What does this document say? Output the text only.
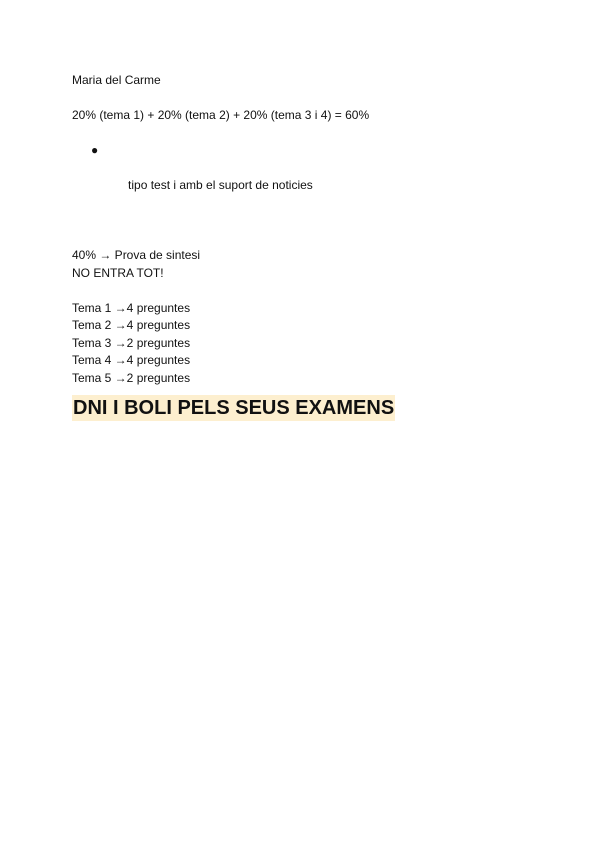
Maria del Carme
20% (tema 1) + 20% (tema 2) + 20% (tema 3 i 4) = 60%

●

tipo test i amb el suport de noticies

40% → Prova de sintesi
NO ENTRA TOT!
Tema 1 →4 preguntes
Tema 2 →4 preguntes
Tema 3 →2 preguntes
Tema 4 →4 preguntes
Tema 5 →2 preguntes
DNI I BOLI PELS SEUS EXAMENS
